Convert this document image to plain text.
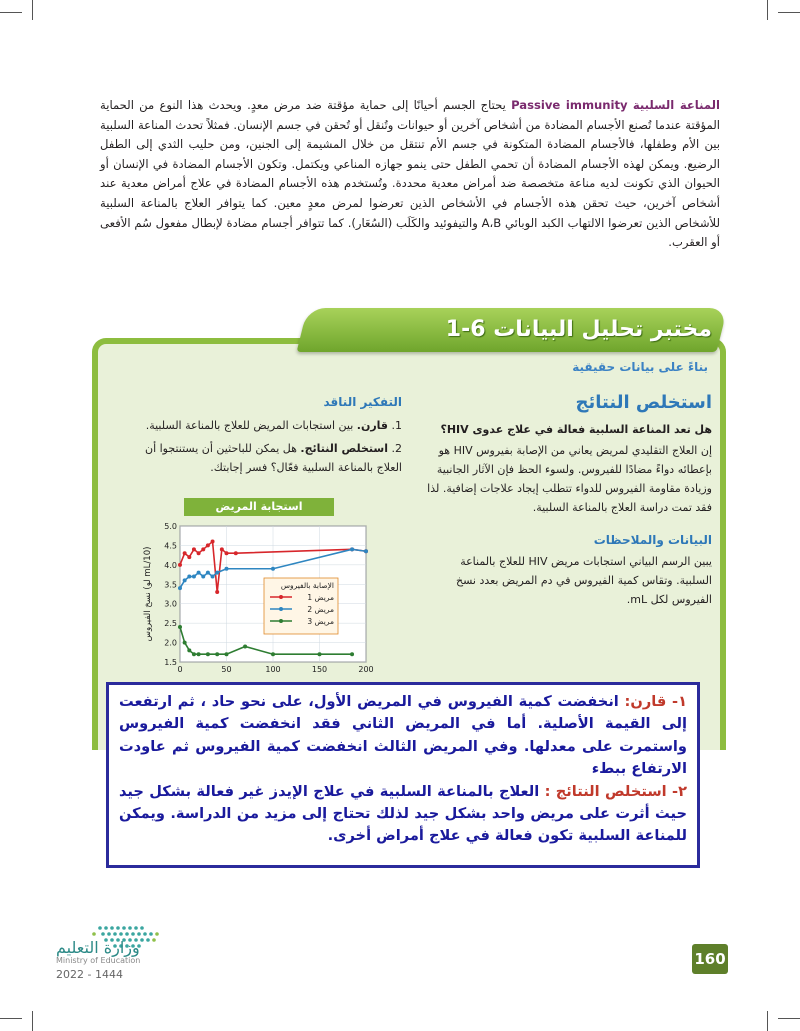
المناعة السلبية Passive immunity يحتاج الجسم أحيانًا إلى حماية مؤقتة ضد مرض معدٍ. ويحدث هذا النوع من الحماية المؤقتة عندما تُصنع الأجسام المضادة من أشخاص آخرين أو حيوانات وتُنقل أو تُحقن في جسم الإنسان. فمثلاً تحدث المناعة السلبية بين الأم وطفلها، فالأجسام المضادة المتكونة في جسم الأم تنتقل من خلال المشيمة إلى الجنين، ومن حليب الثدي إلى الطفل الرضيع. ويمكن لهذه الأجسام المضادة أن تحمي الطفل حتى ينمو جهازه المناعي ويكتمل. وتكون الأجسام المضادة في الإنسان أو الحيوان الذي تكونت لديه مناعة متخصصة ضد أمراض معدية محددة. وتُستخدم هذه الأجسام المضادة في علاج أمراض معدية عند أشخاص آخرين، حيث تحقن هذه الأجسام في الأشخاص الذين تعرضوا لمرض معدٍ معين. كما يتوافر العلاج بالمناعة السلبية للأشخاص الذين تعرضوا الالتهاب الكبد الوبائي A،B والتيفوئيد والكَلَب (السُعَار). كما تتوافر أجسام مضادة لإبطال مفعول سُم الأفعى أو العقرب.
مختبر تحليل البيانات 6-1
بناءً على بيانات حقيقية
استخلص النتائج
هل تعد المناعة السلبية فعالة في علاج عدوى HIV؟
إن العلاج التقليدي لمريض يعاني من الإصابة بفيروس HIV هو بإعطائه دواءً مضادًا للفيروس. ولسوء الحظ فإن الآثار الجانبية وزيادة مقاومة الفيروس للدواء تتطلب إيجاد علاجات إضافية. لذا فقد تمت دراسة العلاج بالمناعة السلبية.
البيانات والملاحظات
يبين الرسم البياني استجابات مريض HIV للعلاج بالمناعة السلبية. وتقاس كمية الفيروس في دم المريض بعدد نسخ الفيروس لكل mL.
التفكير الناقد
1. قارن. بين استجابات المريض للعلاج بالمناعة السلبية.
2. استخلص النتائج. هل يمكن للباحثين أن يستنتجوا أن العلاج بالمناعة السلبية فعّال؟ فسر إجابتك.
استجابة المريض
1.5
2.0
2.5
3.0
3.5
4.0
4.5
5.0
0	50	100	150	200
نسخ الفيروس (لو mL/10)
الإصابة بالفيروس
مريض 1
مريض 2
مريض 3
١- قارن: انخفضت كمية الفيروس في المريض الأول، على نحو حاد ، ثم ارتفعت إلى القيمة الأصلية. أما في المريض الثاني فقد انخفضت كمية الفيروس واستمرت على معدلها. وفي المريض الثالث انخفضت كمية الفيروس ثم عاودت الارتفاع ببطء
٢- استخلص النتائج : العلاج بالمناعة السلبية في علاج الإيدز غير فعالة بشكل جيد حيث أثرت على مريض واحد بشكل جيد لذلك تحتاج إلى مزيد من الدراسة. ويمكن للمناعة السلبية تكون فعالة في علاج أمراض أخرى.
وزارة التعليم
Ministry of Education
2022 - 1444
160
